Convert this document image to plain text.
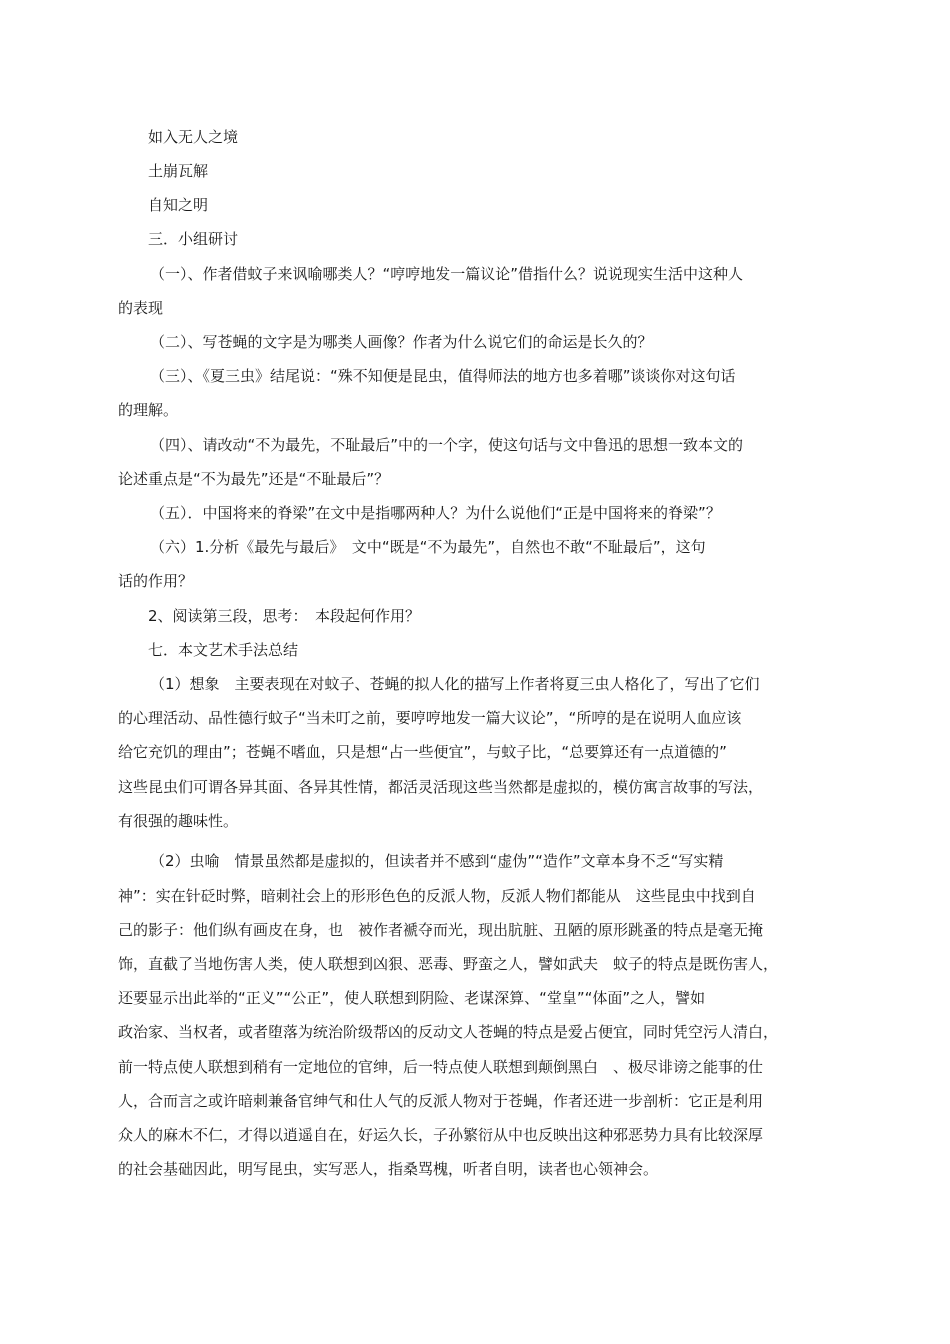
如入无人之境
土崩瓦解
自知之明
三．小组研讨
（一）、作者借蚊子来讽喻哪类人？“哼哼地发一篇议论”借指什么？说说现实生活中这种人
的表现
（二）、写苍蝇的文字是为哪类人画像？作者为什么说它们的命运是长久的？
（三）、《夏三虫》结尾说：“殊不知便是昆虫，值得师法的地方也多着哪”谈谈你对这句话
的理解。
（四）、请改动“不为最先，不耻最后”中的一个字，使这句话与文中鲁迅的思想一致本文的
论述重点是“不为最先”还是“不耻最后”？
（五）．中国将来的脊梁”在文中是指哪两种人？为什么说他们“正是中国将来的脊梁”？
（六）1.分析《最先与最后》　文中“既是“不为最先”，自然也不敢“不耻最后”，这句
话的作用？
2、阅读第三段，思考：　本段起何作用？
七．本文艺术手法总结
（1）想象　主要表现在对蚊子、苍蝇的拟人化的描写上作者将夏三虫人格化了，写出了它们
的心理活动、品性德行蚊子“当未叮之前，要哼哼地发一篇大议论”，“所哼的是在说明人血应该
给它充饥的理由”；苍蝇不嗜血，只是想“占一些便宜”，与蚊子比，“总要算还有一点道德的”
这些昆虫们可谓各异其面、各异其性情，都活灵活现这些当然都是虚拟的，模仿寓言故事的写法，
有很强的趣味性。
（2）虫喻　情景虽然都是虚拟的，但读者并不感到“虚伪”“造作”文章本身不乏“写实精
神”：实在针砭时弊，暗刺社会上的形形色色的反派人物，反派人物们都能从　这些昆虫中找到自
己的影子：他们纵有画皮在身，也　被作者褫夺而光，现出肮脏、丑陋的原形跳蚤的特点是毫无掩
饰，直截了当地伤害人类，使人联想到凶狠、恶毒、野蛮之人，譬如武夫　蚊子的特点是既伤害人，
还要显示出此举的“正义”“公正”，使人联想到阴险、老谋深算、“堂皇”“体面”之人，譬如
政治家、当权者，或者堕落为统治阶级帮凶的反动文人苍蝇的特点是爱占便宜，同时凭空污人清白，
前一特点使人联想到稍有一定地位的官绅，后一特点使人联想到颠倒黑白　、极尽诽谤之能事的仕
人，合而言之或许暗刺兼备官绅气和仕人气的反派人物对于苍蝇，作者还进一步剖析：它正是利用
众人的麻木不仁，才得以逍遥自在，好运久长，子孙繁衍从中也反映出这种邪恶势力具有比较深厚
的社会基础因此，明写昆虫，实写恶人，指桑骂槐，听者自明，读者也心领神会。
